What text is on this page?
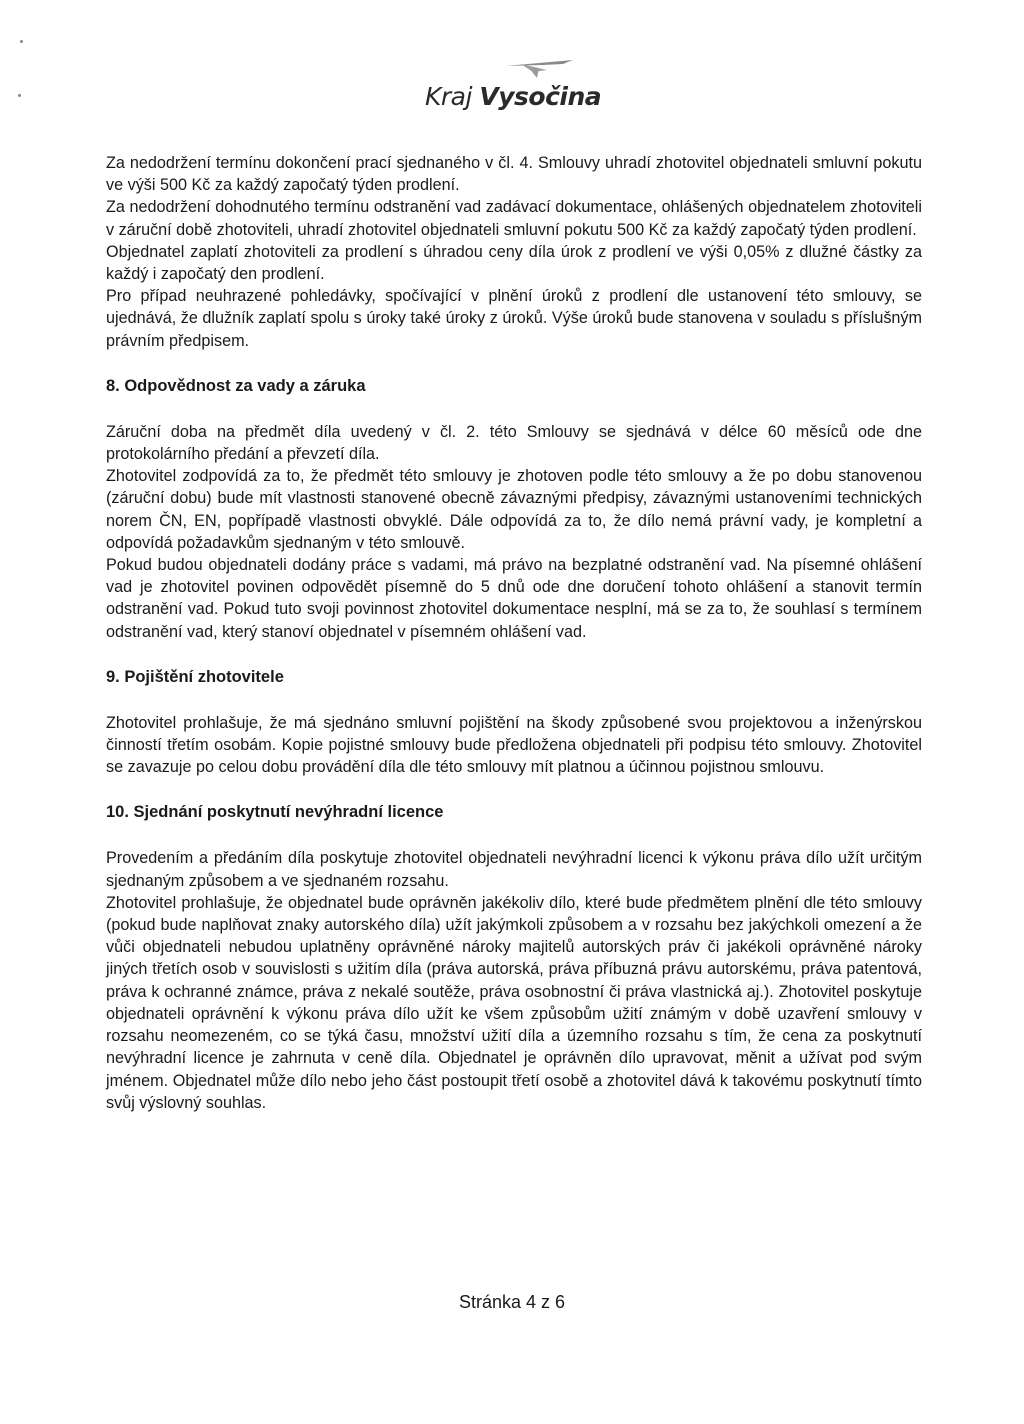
Kraj Vysočina

Za nedodržení termínu dokončení prací sjednaného v čl. 4. Smlouvy uhradí zhotovitel objednateli smluvní pokutu ve výši 500 Kč za každý započatý týden prodlení.

Za nedodržení dohodnutého termínu odstranění vad zadávací dokumentace, ohlášených objednatelem zhotoviteli v záruční době zhotoviteli, uhradí zhotovitel objednateli smluvní pokutu 500 Kč za každý započatý týden prodlení.

Objednatel zaplatí zhotoviteli za prodlení s úhradou ceny díla úrok z prodlení ve výši 0,05% z dlužné částky za každý i započatý den prodlení.

Pro případ neuhrazené pohledávky, spočívající v plnění úroků z prodlení dle ustanovení této smlouvy, se ujednává, že dlužník zaplatí spolu s úroky také úroky z úroků. Výše úroků bude stanovena v souladu s příslušným právním předpisem.

8. Odpovědnost za vady a záruka

Záruční doba na předmět díla uvedený v čl. 2. této Smlouvy se sjednává v délce 60 měsíců ode dne protokolárního předání a převzetí díla.

Zhotovitel zodpovídá za to, že předmět této smlouvy je zhotoven podle této smlouvy a že po dobu stanovenou (záruční dobu) bude mít vlastnosti stanovené obecně závaznými předpisy, závaznými ustanoveními technických norem ČN, EN, popřípadě vlastnosti obvyklé. Dále odpovídá za to, že dílo nemá právní vady, je kompletní a odpovídá požadavkům sjednaným v této smlouvě.

Pokud budou objednateli dodány práce s vadami, má právo na bezplatné odstranění vad. Na písemné ohlášení vad je zhotovitel povinen odpovědět písemně do 5 dnů ode dne doručení tohoto ohlášení a stanovit termín odstranění vad. Pokud tuto svoji povinnost zhotovitel dokumentace nesplní, má se za to, že souhlasí s termínem odstranění vad, který stanoví objednatel v písemném ohlášení vad.

9. Pojištění zhotovitele

Zhotovitel prohlašuje, že má sjednáno smluvní pojištění na škody způsobené svou projektovou a inženýrskou činností třetím osobám. Kopie pojistné smlouvy bude předložena objednateli při podpisu této smlouvy. Zhotovitel se zavazuje po celou dobu provádění díla dle této smlouvy mít platnou a účinnou pojistnou smlouvu.

10. Sjednání poskytnutí nevýhradní licence

Provedením a předáním díla poskytuje zhotovitel objednateli nevýhradní licenci k výkonu práva dílo užít určitým sjednaným způsobem a ve sjednaném rozsahu.

Zhotovitel prohlašuje, že objednatel bude oprávněn jakékoliv dílo, které bude předmětem plnění dle této smlouvy (pokud bude naplňovat znaky autorského díla) užít jakýmkoli způsobem a v rozsahu bez jakýchkoli omezení a že vůči objednateli nebudou uplatněny oprávněné nároky majitelů autorských práv či jakékoli oprávněné nároky jiných třetích osob v souvislosti s užitím díla (práva autorská, práva příbuzná právu autorskému, práva patentová, práva k ochranné známce, práva z nekalé soutěže, práva osobnostní či práva vlastnická aj.). Zhotovitel poskytuje objednateli oprávnění k výkonu práva dílo užít ke všem způsobům užití známým v době uzavření smlouvy v rozsahu neomezeném, co se týká času, množství užití díla a územního rozsahu s tím, že cena za poskytnutí nevýhradní licence je zahrnuta v ceně díla. Objednatel je oprávněn dílo upravovat, měnit a užívat pod svým jménem. Objednatel může dílo nebo jeho část postoupit třetí osobě a zhotovitel dává k takovému poskytnutí tímto svůj výslovný souhlas.

Stránka 4 z 6
